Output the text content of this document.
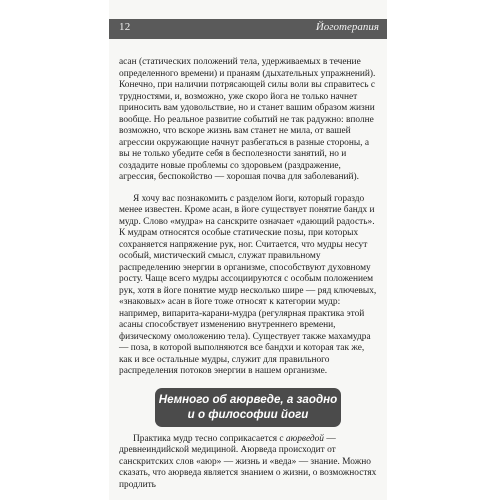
12	Йоготерапия

асан (статических положений тела, удерживаемых в течение определенного времени) и пранаям (дыхательных упражнений). Конечно, при наличии потрясающей силы воли вы справитесь с трудностями, и, возможно, уже скоро йога не только начнет приносить вам удовольствие, но и станет вашим образом жизни вообще. Но реальное развитие событий не так радужно: вполне возможно, что вскоре жизнь вам станет не мила, от вашей агрессии окружающие начнут разбегаться в разные стороны, а вы не только убедите себя в бесполезности занятий, но и создадите новые проблемы со здоровьем (раздражение, агрессия, беспокойство — хорошая почва для заболеваний).

Я хочу вас познакомить с разделом йоги, который гораздо менее известен. Кроме асан, в йоге существует понятие бандх и мудр. Слово «мудра» на санскрите означает «дающий радость». К мудрам относятся особые статические позы, при которых сохраняется напряжение рук, ног. Считается, что мудры несут особый, мистический смысл, служат правильному распределению энергии в организме, способствуют духовному росту. Чаще всего мудры ассоциируются с особым положением рук, хотя в йоге понятие мудр несколько шире — ряд ключевых, «знаковых» асан в йоге тоже относят к категории мудр: например, випарита-карани-мудра (регулярная практика этой асаны способствует изменению внутреннего времени, физическому омоложению тела). Существует также махамудра — поза, в которой выполняются все бандхи и которая так же, как и все остальные мудры, служит для правильного распределения потоков энергии в нашем организме.

Немного об аюрведе, а заодно
и о философии йоги

Практика мудр тесно соприкасается с аюрведой — древнеиндийской медициной. Аюрведа происходит от санскритских слов «аюр» — жизнь и «веда» — знание. Можно сказать, что аюрведа является знанием о жизни, о возможностях продлить
